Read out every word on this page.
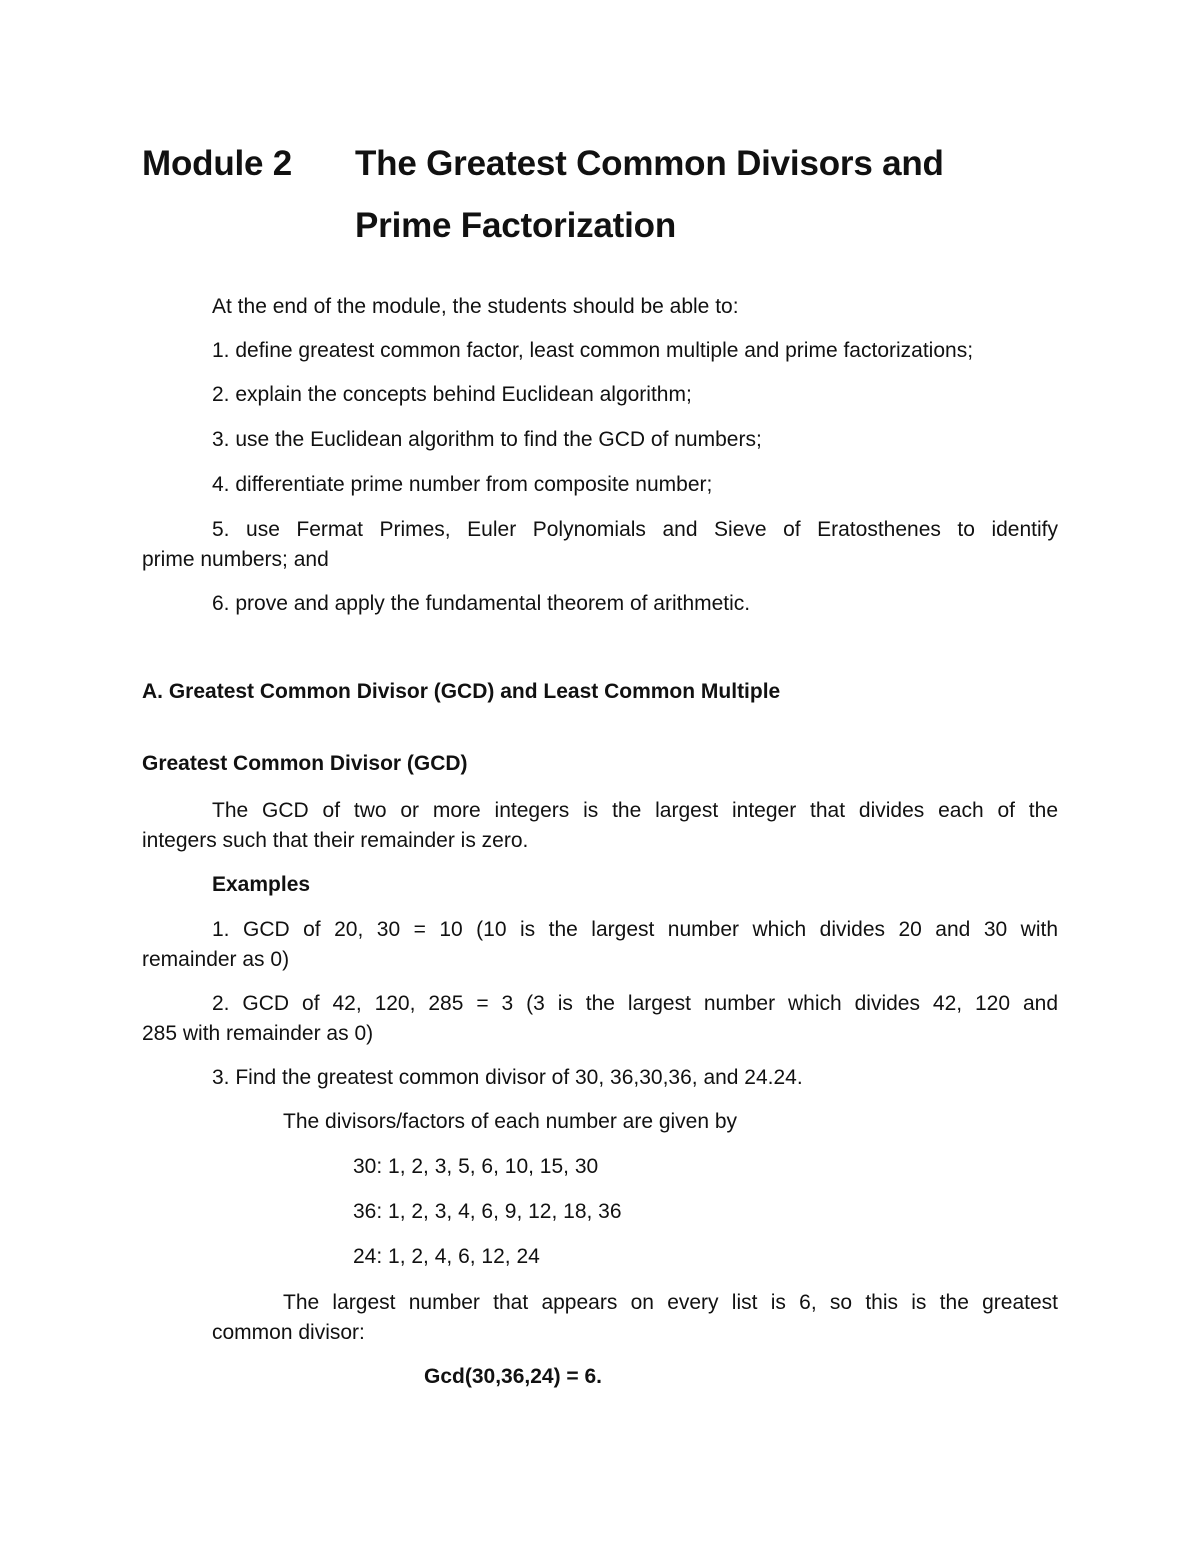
Module 2 The Greatest Common Divisors and
Prime Factorization
At the end of the module, the students should be able to:
1. define greatest common factor, least common multiple and prime factorizations;
2. explain the concepts behind Euclidean algorithm;
3. use the Euclidean algorithm to find the GCD of numbers;
4. differentiate prime number from composite number;
5. use Fermat Primes, Euler Polynomials and Sieve of Eratosthenes to identify
prime numbers; and
6. prove and apply the fundamental theorem of arithmetic.
A. Greatest Common Divisor (GCD) and Least Common Multiple
Greatest Common Divisor (GCD)
The GCD of two or more integers is the largest integer that divides each of the
integers such that their remainder is zero.
Examples
1. GCD of 20, 30 = 10 (10 is the largest number which divides 20 and 30 with
remainder as 0)
2. GCD of 42, 120, 285 = 3 (3 is the largest number which divides 42, 120 and
285 with remainder as 0)
3. Find the greatest common divisor of 30, 36,30,36, and 24.24.
The divisors/factors of each number are given by
30: 1, 2, 3, 5, 6, 10, 15, 30
36: 1, 2, 3, 4, 6, 9, 12, 18, 36
24: 1, 2, 4, 6, 12, 24
The largest number that appears on every list is 6, so this is the greatest
common divisor:
Gcd(30,36,24) = 6.
